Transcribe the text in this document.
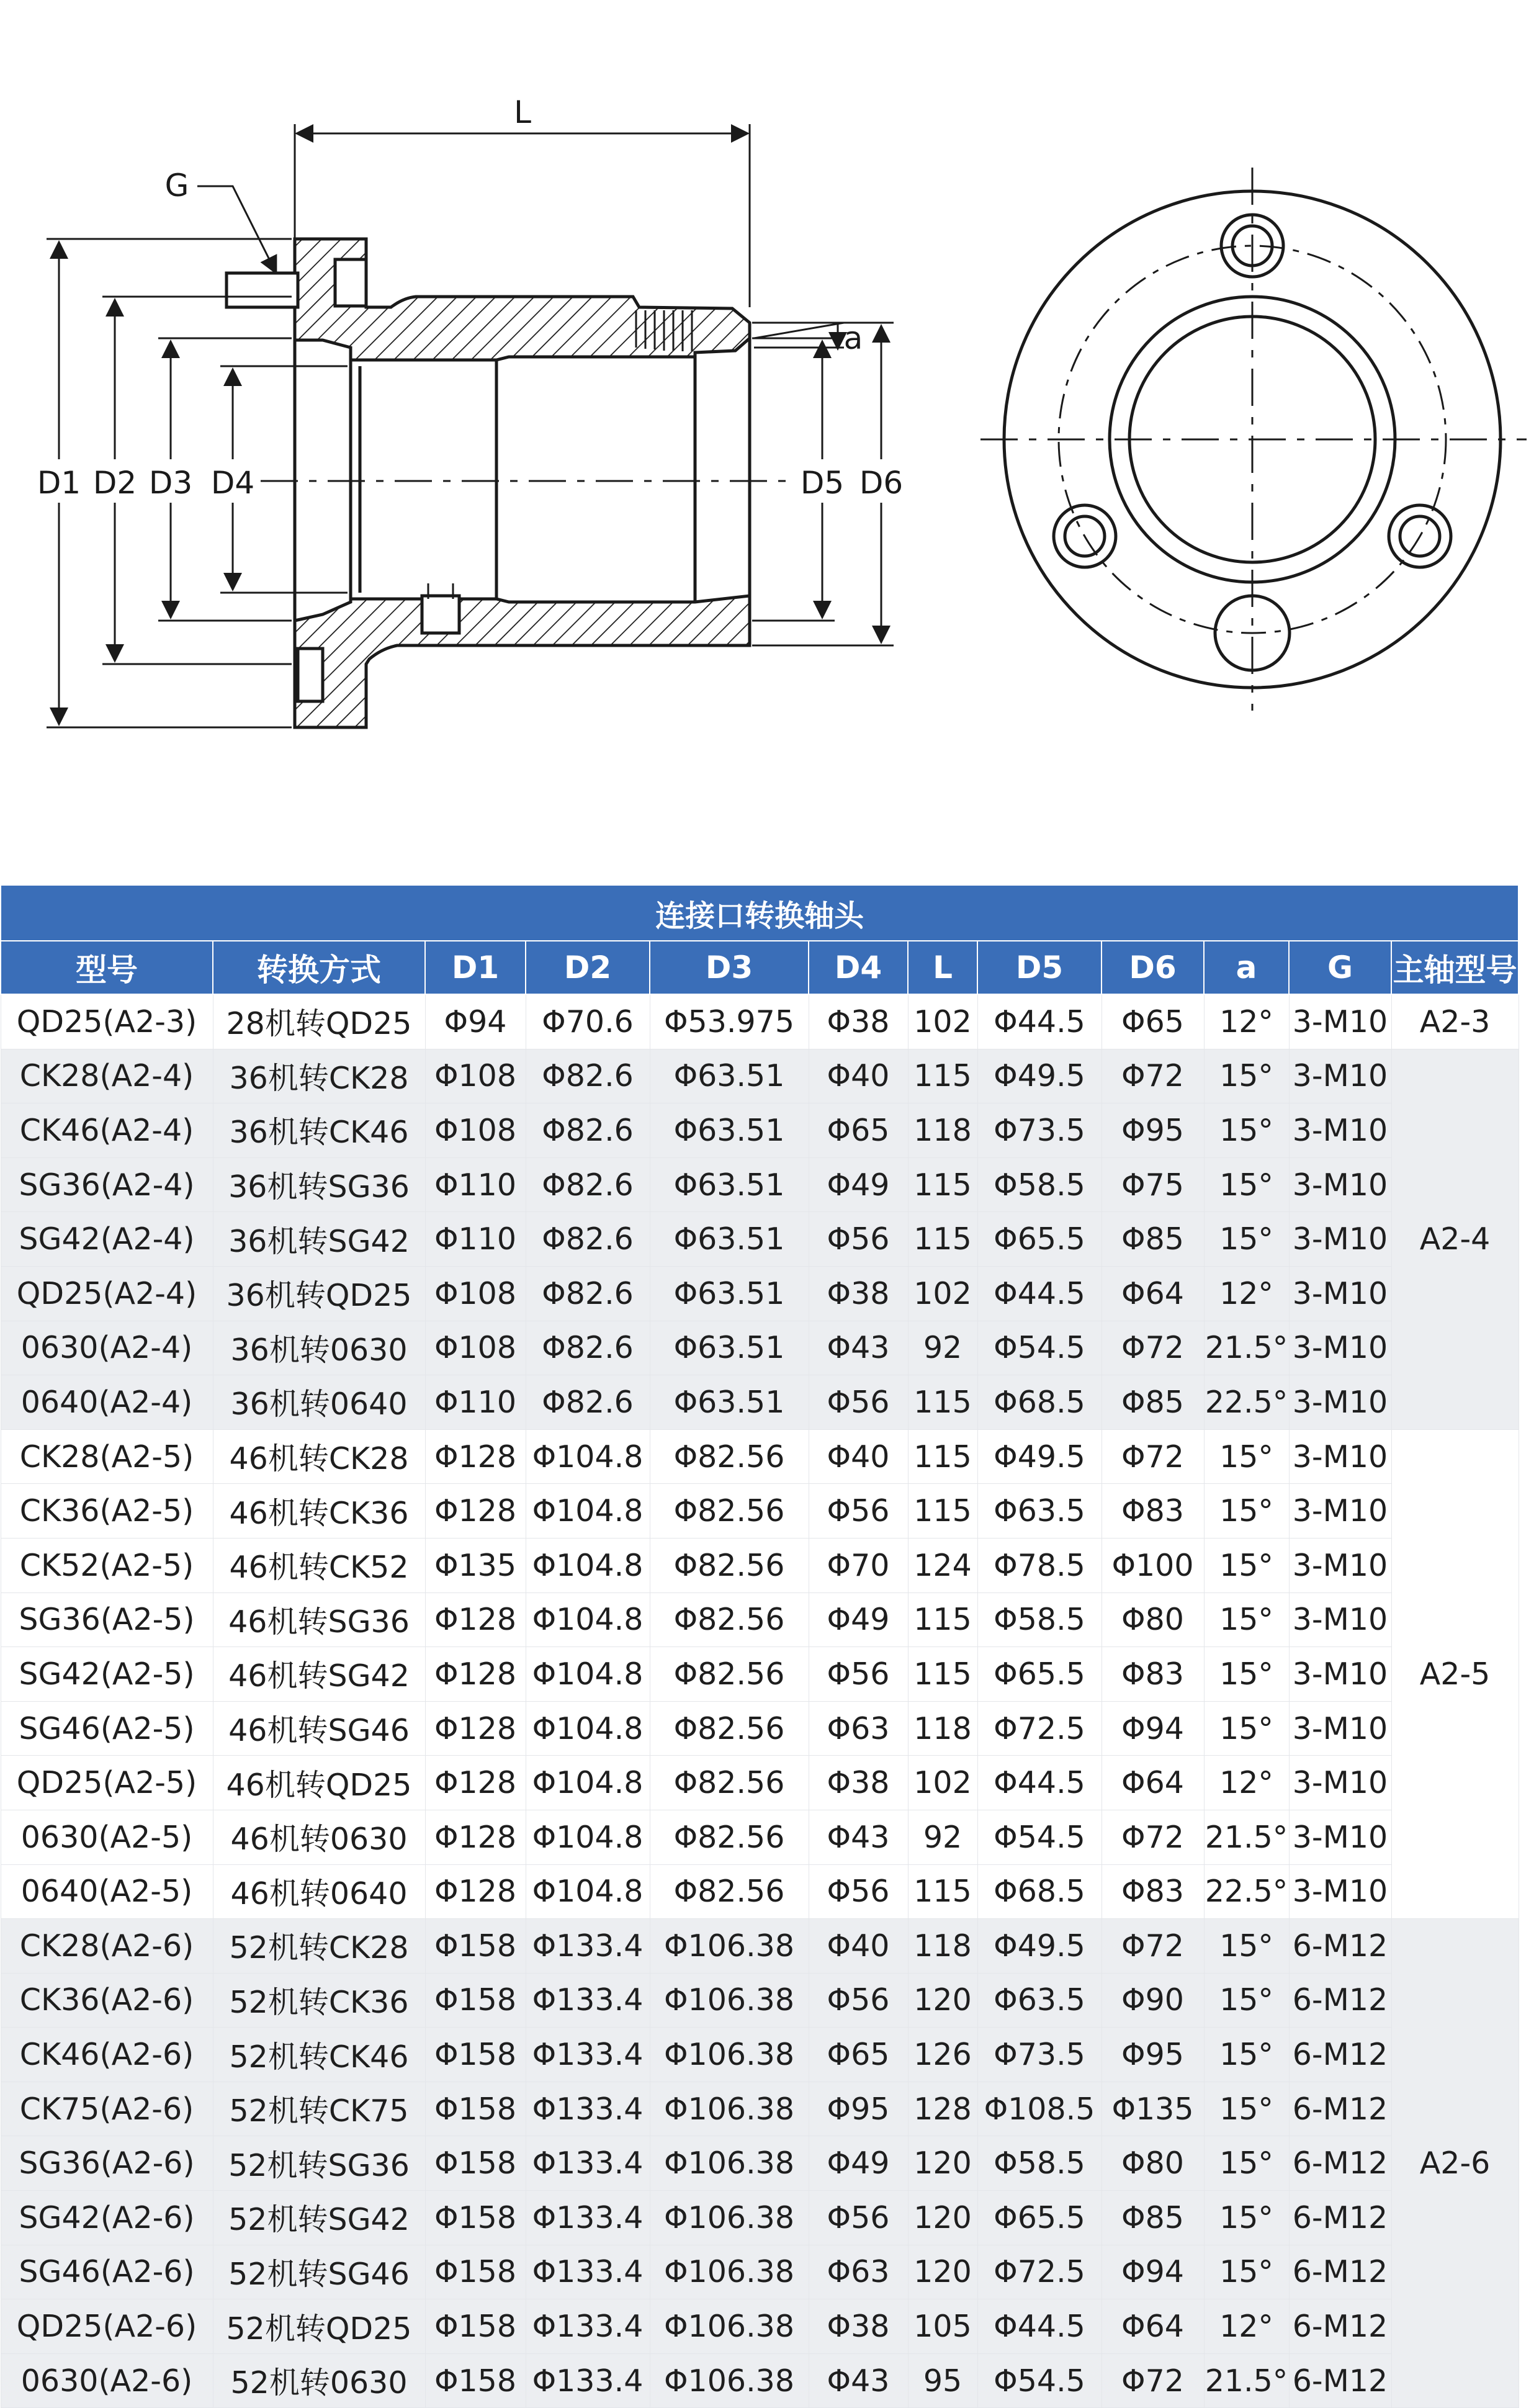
L
G
a
D1 D2 D3 D4	D5 D6
连接口转换轴头											
型号	转换方式	D1	D2	D3	D4	L	D5	D6	a	G	主轴型号
QD25(A2-3)	28机转QD25	Φ94	Φ70.6	Φ53.975	Φ38	102	Φ44.5	Φ65	12°	3-M10	A2-3
CK28(A2-4)	36机转CK28	Φ108	Φ82.6	Φ63.51	Φ40	115	Φ49.5	Φ72	15°	3-M10	A2-4
CK46(A2-4)	36机转CK46	Φ108	Φ82.6	Φ63.51	Φ65	118	Φ73.5	Φ95	15°	3-M10	
SG36(A2-4)	36机转SG36	Φ110	Φ82.6	Φ63.51	Φ49	115	Φ58.5	Φ75	15°	3-M10	
SG42(A2-4)	36机转SG42	Φ110	Φ82.6	Φ63.51	Φ56	115	Φ65.5	Φ85	15°	3-M10	
QD25(A2-4)	36机转QD25	Φ108	Φ82.6	Φ63.51	Φ38	102	Φ44.5	Φ64	12°	3-M10	
0630(A2-4)	36机转0630	Φ108	Φ82.6	Φ63.51	Φ43	92	Φ54.5	Φ72	21.5°	3-M10	
0640(A2-4)	36机转0640	Φ110	Φ82.6	Φ63.51	Φ56	115	Φ68.5	Φ85	22.5°	3-M10	
CK28(A2-5)	46机转CK28	Φ128	Φ104.8	Φ82.56	Φ40	115	Φ49.5	Φ72	15°	3-M10	A2-5
CK36(A2-5)	46机转CK36	Φ128	Φ104.8	Φ82.56	Φ56	115	Φ63.5	Φ83	15°	3-M10	
CK52(A2-5)	46机转CK52	Φ135	Φ104.8	Φ82.56	Φ70	124	Φ78.5	Φ100	15°	3-M10	
SG36(A2-5)	46机转SG36	Φ128	Φ104.8	Φ82.56	Φ49	115	Φ58.5	Φ80	15°	3-M10	
SG42(A2-5)	46机转SG42	Φ128	Φ104.8	Φ82.56	Φ56	115	Φ65.5	Φ83	15°	3-M10	
SG46(A2-5)	46机转SG46	Φ128	Φ104.8	Φ82.56	Φ63	118	Φ72.5	Φ94	15°	3-M10	
QD25(A2-5)	46机转QD25	Φ128	Φ104.8	Φ82.56	Φ38	102	Φ44.5	Φ64	12°	3-M10	
0630(A2-5)	46机转0630	Φ128	Φ104.8	Φ82.56	Φ43	92	Φ54.5	Φ72	21.5°	3-M10	
0640(A2-5)	46机转0640	Φ128	Φ104.8	Φ82.56	Φ56	115	Φ68.5	Φ83	22.5°	3-M10	
CK28(A2-6)	52机转CK28	Φ158	Φ133.4	Φ106.38	Φ40	118	Φ49.5	Φ72	15°	6-M12	A2-6
CK36(A2-6)	52机转CK36	Φ158	Φ133.4	Φ106.38	Φ56	120	Φ63.5	Φ90	15°	6-M12	
CK46(A2-6)	52机转CK46	Φ158	Φ133.4	Φ106.38	Φ65	126	Φ73.5	Φ95	15°	6-M12	
CK75(A2-6)	52机转CK75	Φ158	Φ133.4	Φ106.38	Φ95	128	Φ108.5	Φ135	15°	6-M12	
SG36(A2-6)	52机转SG36	Φ158	Φ133.4	Φ106.38	Φ49	120	Φ58.5	Φ80	15°	6-M12	
SG42(A2-6)	52机转SG42	Φ158	Φ133.4	Φ106.38	Φ56	120	Φ65.5	Φ85	15°	6-M12	
SG46(A2-6)	52机转SG46	Φ158	Φ133.4	Φ106.38	Φ63	120	Φ72.5	Φ94	15°	6-M12	
QD25(A2-6)	52机转QD25	Φ158	Φ133.4	Φ106.38	Φ38	105	Φ44.5	Φ64	12°	6-M12	
0630(A2-6)	52机转0630	Φ158	Φ133.4	Φ106.38	Φ43	95	Φ54.5	Φ72	21.5°	6-M12	
